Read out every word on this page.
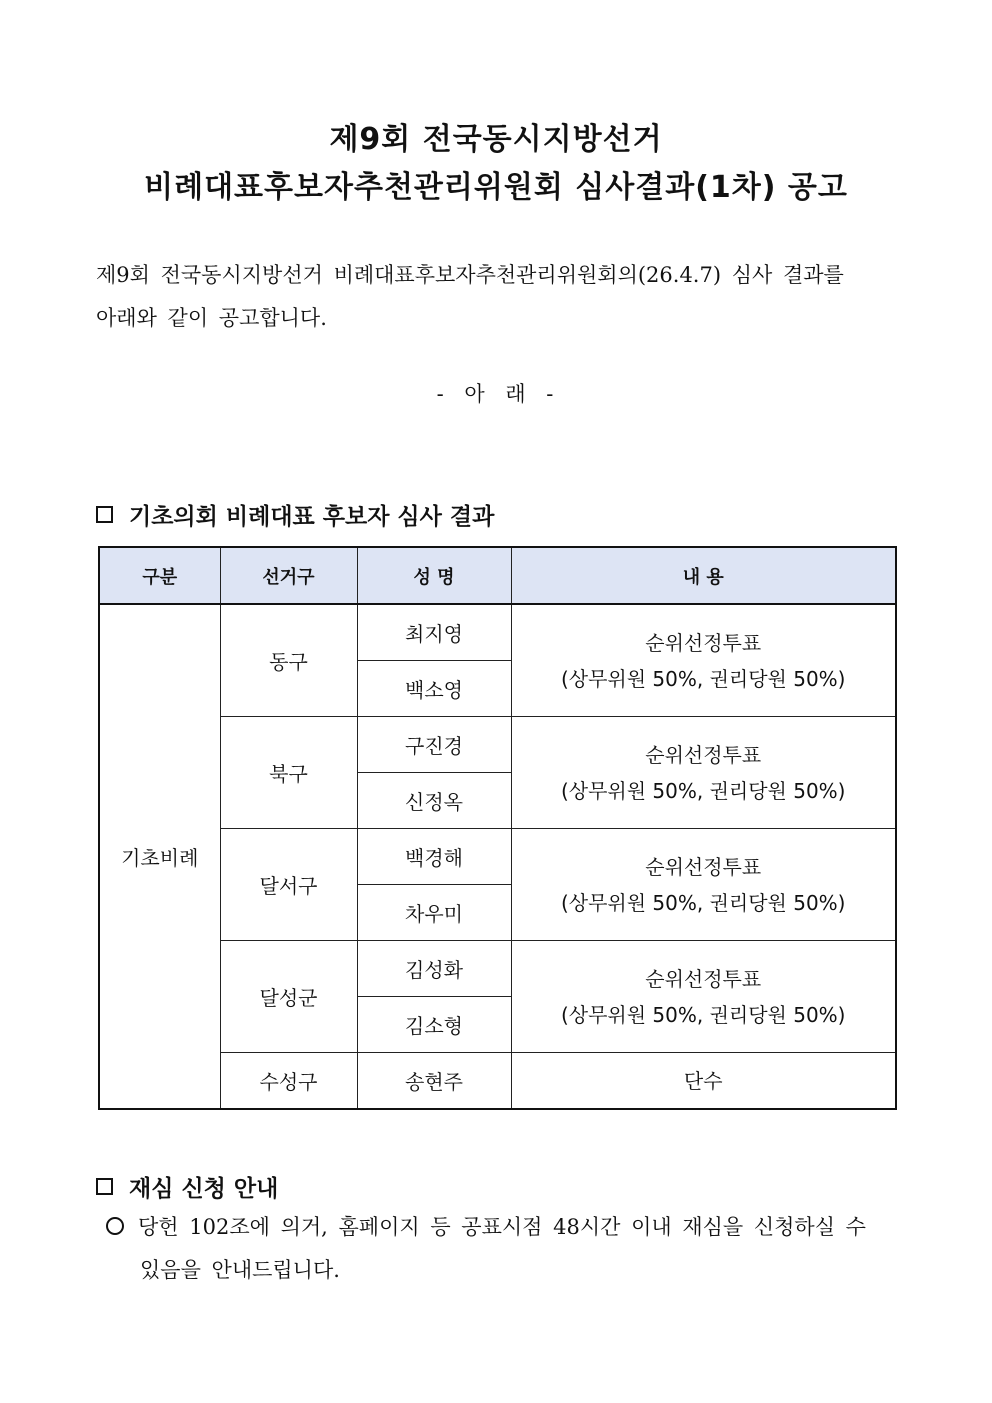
제9회 전국동시지방선거
비례대표후보자추천관리위원회 심사결과(1차) 공고
제9회 전국동시지방선거 비례대표후보자추천관리위원회의(26.4.7) 심사 결과를
아래와 같이 공고합니다.
- 아 래 -
기초의회 비례대표 후보자 심사 결과
구분	선거구	성 명	내 용
기초비례	동구	최지영	순위선정투표
(상무위원 50%, 권리당원 50%)

		백소영	
	북구	구진경	순위선정투표
(상무위원 50%, 권리당원 50%)

		신정옥	
	달서구	백경해	순위선정투표
(상무위원 50%, 권리당원 50%)

		차우미	
	달성군	김성화	순위선정투표
(상무위원 50%, 권리당원 50%)

		김소형	
	수성구	송현주	단수
재심 신청 안내
당헌 102조에 의거, 홈페이지 등 공표시점 48시간 이내 재심을 신청하실 수
있음을 안내드립니다.
